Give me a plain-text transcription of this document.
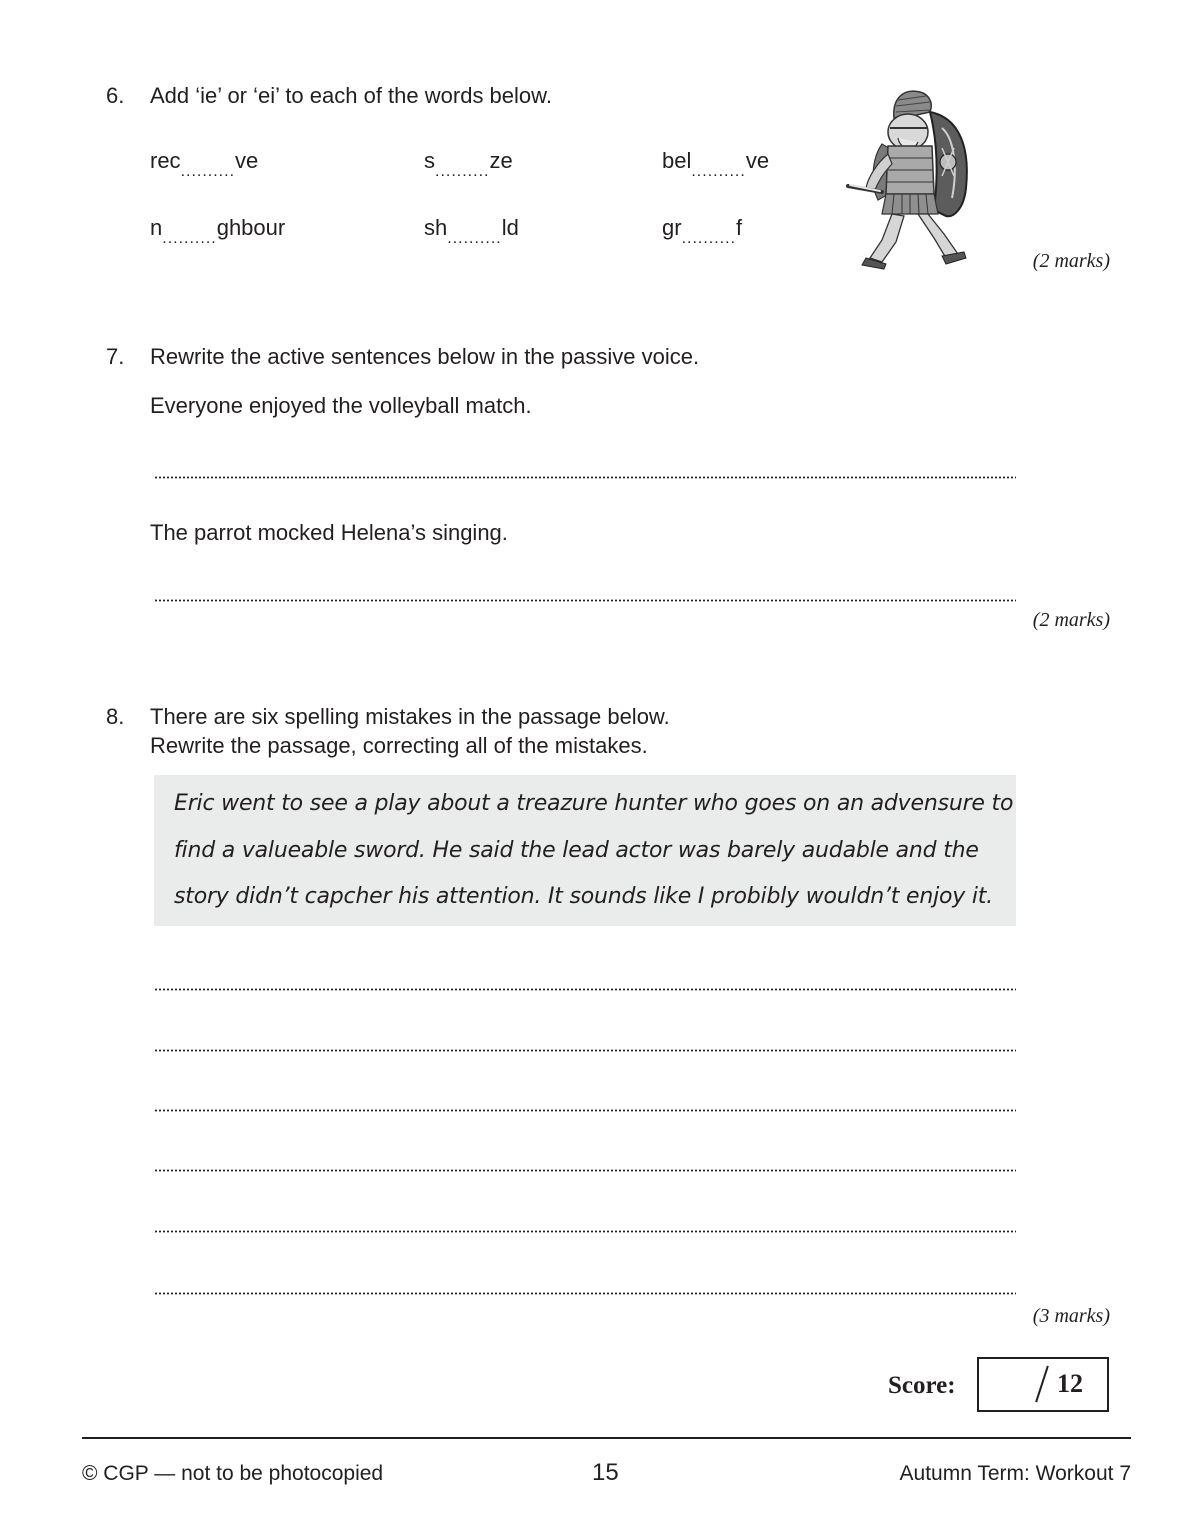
6. Add ‘ie’ or ‘ei’ to each of the words below.
rec$_{..........}$ve	$s_{..........}ze$	bel$_{..........}$ve
$n_{..........}ghbour$	$sh_{..........}ld$	$gr_{..........}f$
(2 marks)
7. Rewrite the active sentences below in the passive voice.
Everyone enjoyed the volleyball match.
The parrot mocked Helena’s singing.
(2 marks)
8. There are six spelling mistakes in the passage below.
Rewrite the passage, correcting all of the mistakes.
Eric went to see a play about a treazure hunter who goes on an advensure to
find a valueable sword. He said the lead actor was barely audable and the
story didn’t capcher his attention. It sounds like I probibly wouldn’t enjoy it.
(3 marks)
Score:	12
© CGP — not to be photocopied	15	Autumn Term: Workout 7
